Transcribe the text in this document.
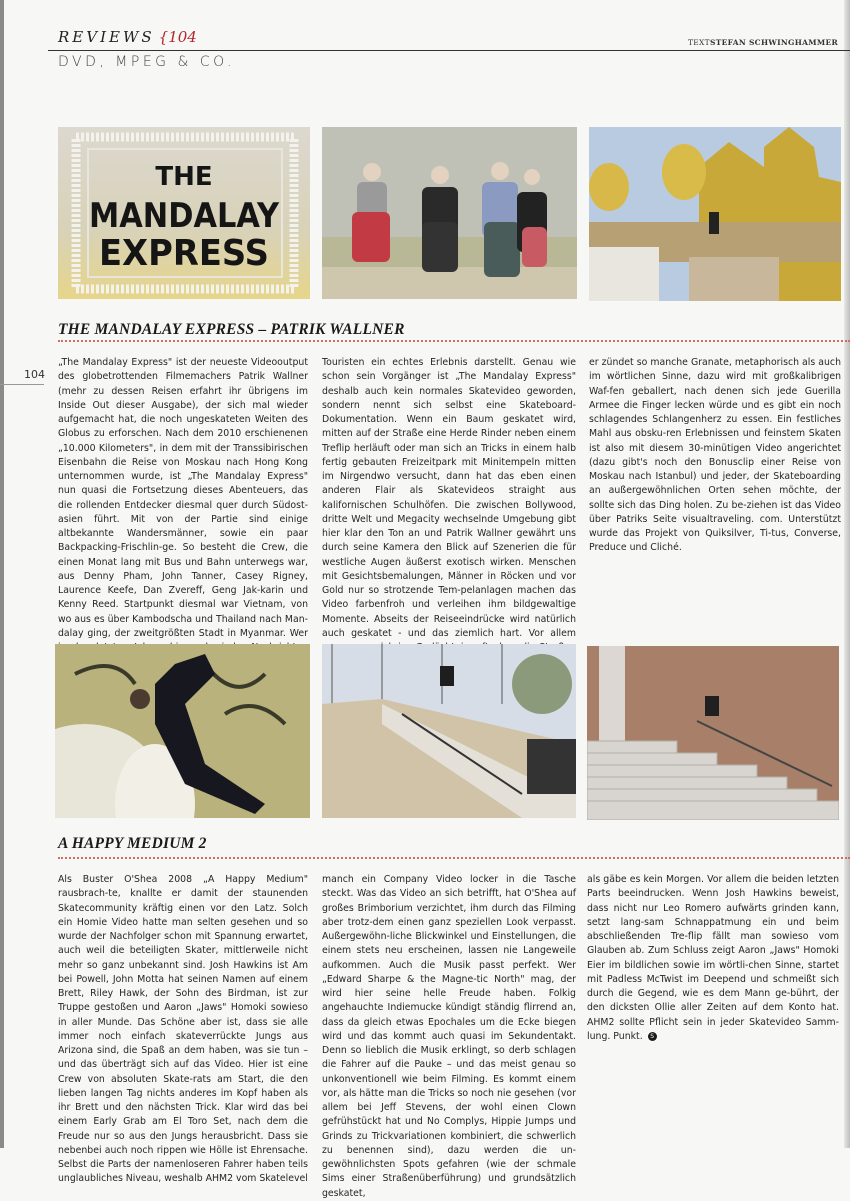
REVIEWS {104
DVD, MPEG & CO.
TEXTSTEFAN SCHWINGHAMMER
THE
MANDALAY
EXPRESS
THE MANDALAY EXPRESS – PATRIK WALLNER
104

„The Mandalay Express" ist der neueste Videooutput des globetrottenden Filmemachers Patrik Wallner (mehr zu dessen Reisen erfahrt ihr übrigens im Inside Out dieser Ausgabe), der sich mal wieder aufgemacht hat, die noch ungeskateten Weiten des Globus zu erforschen. Nach dem 2010 erschienenen „10.000 Kilometers", in dem mit der Transsibirischen Eisenbahn die Reise von Moskau nach Hong Kong unternommen wurde, ist „The Mandalay Express" nun quasi die Fortsetzung dieses Abenteuers, das die rollenden Entdecker diesmal quer durch Südost-asien führt. Mit von der Partie sind einige altbekannte Wandersmänner, sowie ein paar Backpacking-Frischlin-ge. So besteht die Crew, die einen Monat lang mit Bus und Bahn unterwegs war, aus Denny Pham, John Tanner, Casey Rigney, Laurence Keefe, Dan Zvereff, Geng Jak-karin und Kenny Reed. Startpunkt diesmal war Vietnam, von wo aus es über Kambodscha und Thailand nach Man-dalay ging, der zweitgrößten Stadt in Myanmar. Wer

Touristen ein echtes Erlebnis darstellt. Genau wie schon sein Vorgänger ist „The Mandalay Express" deshalb auch kein normales Skatevideo geworden, sondern nennt sich selbst eine Skateboard-Dokumentation. Wenn ein Baum geskatet wird, mitten auf der Straße eine Herde Rinder neben einem Treflip herläuft oder man sich an Tricks in einem halb fertig gebauten Freizeitpark mit Minitempeln mitten im Nirgendwo versucht, dann hat das eben einen anderen Flair als Skatevideos straight aus kalifornischen Schulhöfen. Die zwischen Bollywood, dritte Welt und Megacity wechselnde Umgebung gibt hier klar den Ton an und Patrik Wallner gewährt uns durch seine Kamera den Blick auf Szenerien die für westliche Augen äußerst exotisch wirken. Menschen mit Gesichtsbemalungen, Männer in Röcken und vor Gold nur so strotzende Tem-pelanlagen machen das Video farbenfroh und verleihen ihm bildgewaltige Momente. Abseits der Reiseeindrücke wird natürlich auch geskatet - und das ziemlich hart. Vor allem

er zündet so manche Granate, metaphorisch als auch im wörtlichen Sinne, dazu wird mit großkalibrigen Waf-fen geballert, nach denen sich jede Guerilla Armee die Finger lecken würde und es gibt ein noch schlagendes Schlangenherz zu essen. Ein festliches Mahl aus obsku-ren Erlebnissen und feinstem Skaten ist also mit diesem 30-minütigen Video angerichtet (dazu gibt's noch den Bonusclip einer Reise von Moskau nach Istanbul) und jeder, der Skateboarding an außergewöhnlichen Orten sehen möchte, der sollte sich das Ding holen. Zu be-ziehen ist das Video über Patriks Seite visualtraveling. com. Unterstützt wurde das Projekt von Quiksilver, Ti-tus, Converse, Preduce und Cliché.

A HAPPY MEDIUM 2

Als Buster O'Shea 2008 „A Happy Medium" rausbrach-te, knallte er damit der staunenden Skatecommunity kräftig einen vor den Latz. Solch ein Homie Video hatte man selten gesehen und so wurde der Nachfolger schon mit Spannung erwartet, auch weil die beteiligten Skater, mittlerweile nicht mehr so ganz unbekannt sind. Josh Hawkins ist Am bei Powell, John Motta hat seinen Namen auf einem Brett, Riley Hawk, der Sohn des Birdman, ist zur Truppe gestoßen und Aaron „Jaws" Homoki sowieso in aller Munde. Das Schöne aber ist, dass sie alle immer noch einfach skateverrückte Jungs aus Arizona sind, die Spaß an dem haben, was sie tun – und das überträgt sich auf das Video. Hier ist eine Crew von absoluten Skate-rats am Start, die den lieben langen Tag nichts anderes im Kopf haben als ihr Brett und den nächsten Trick. Klar wird das bei einem Early Grab am El Toro Set, nach dem die Freude nur so aus den Jungs herausbricht. Dass sie nebenbei auch noch rippen wie Hölle ist Ehrensache. Selbst die Parts der namenloseren Fahrer haben teils unglaubliches Niveau, weshalb AHM2 vom Skatelevel

manch ein Company Video locker in die Tasche steckt. Was das Video an sich betrifft, hat O'Shea auf großes Brimborium verzichtet, ihm durch das Filming aber trotz-dem einen ganz speziellen Look verpasst. Außergewöhn-liche Blickwinkel und Einstellungen, die einem stets neu erscheinen, lassen nie Langeweile aufkommen. Auch die Musik passt perfekt. Wer „Edward Sharpe & the Magne-tic North" mag, der wird hier seine helle Freude haben. Folkig angehauchte Indiemucke kündigt ständig flirrend an, dass da gleich etwas Epochales um die Ecke biegen wird und das kommt auch quasi im Sekundentakt. Denn so lieblich die Musik erklingt, so derb schlagen die Fahrer auf die Pauke – und das meist genau so unkonventionell wie beim Filming. Es kommt einem vor, als hätte man die Tricks so noch nie gesehen (vor allem bei Jeff Stevens, der wohl einen Clown gefrühstückt hat und No Complys, Hippie Jumps und Grinds zu Trickvariationen kombiniert, die schwerlich zu benennen sind), dazu werden die un-gewöhnlichsten Spots gefahren (wie der schmale Sims einer Straßenüberführung) und grundsätzlich geskatet,

als gäbe es kein Morgen. Vor allem die beiden letzten Parts beeindrucken. Wenn Josh Hawkins beweist, dass nicht nur Leo Romero aufwärts grinden kann, setzt lang-sam Schnappatmung ein und beim abschließenden Tre-flip fällt man sowieso vom Glauben ab. Zum Schluss zeigt Aaron „Jaws" Homoki Eier im bildlichen sowie im wörtli-chen Sinne, startet mit Padless McTwist im Deepend und schmeißt sich durch die Gegend, wie es dem Mann ge-bührt, der den dicksten Ollie aller Zeiten auf dem Konto hat. AHM2 sollte Pflicht sein in jeder Skatevideo Samm-lung. Punkt. S
